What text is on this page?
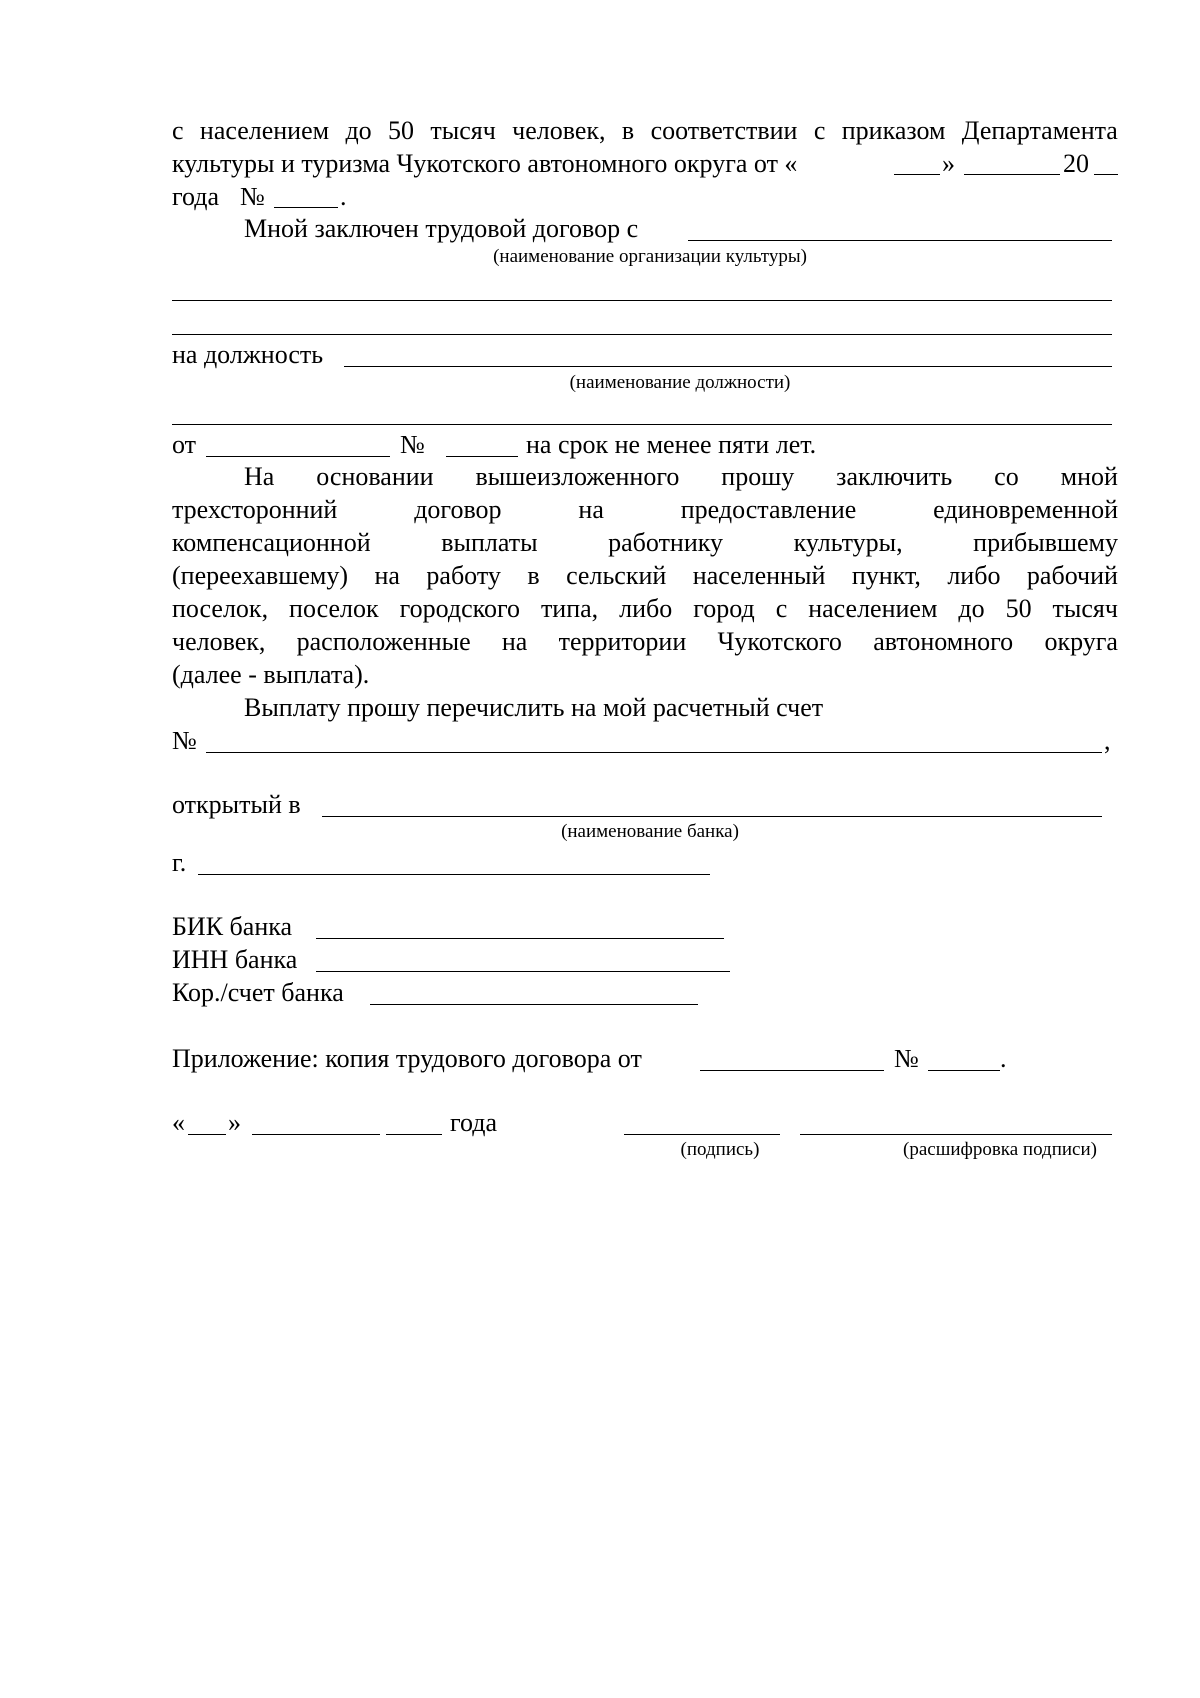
с населением до 50 тысяч человек, в соответствии с приказом Департамента
культуры и туризма Чукотского автономного округа от «	»	20
года №	.
Мной заключен трудовой договор с
(наименование организации культуры)
на должность
(наименование должности)
от	№	на срок не менее пяти лет.
На основании вышеизложенного прошу заключить со мной
трехсторонний	договор	на	предоставление	единовременной
компенсационной	выплаты	работнику	культуры,	прибывшему
(переехавшему) на работу в сельский населенный пункт, либо рабочий
поселок, поселок городского типа, либо город с населением до 50 тысяч
человек, расположенные на территории Чукотского автономного округа
(далее - выплата).
Выплату прошу перечислить на мой расчетный счет
№	,
открытый в
(наименование банка)
г.
БИК банка
ИНН банка
Кор./счет банка
Приложение: копия трудового договора от	№	.
« »	года
(подпись)	(расшифровка подписи)
